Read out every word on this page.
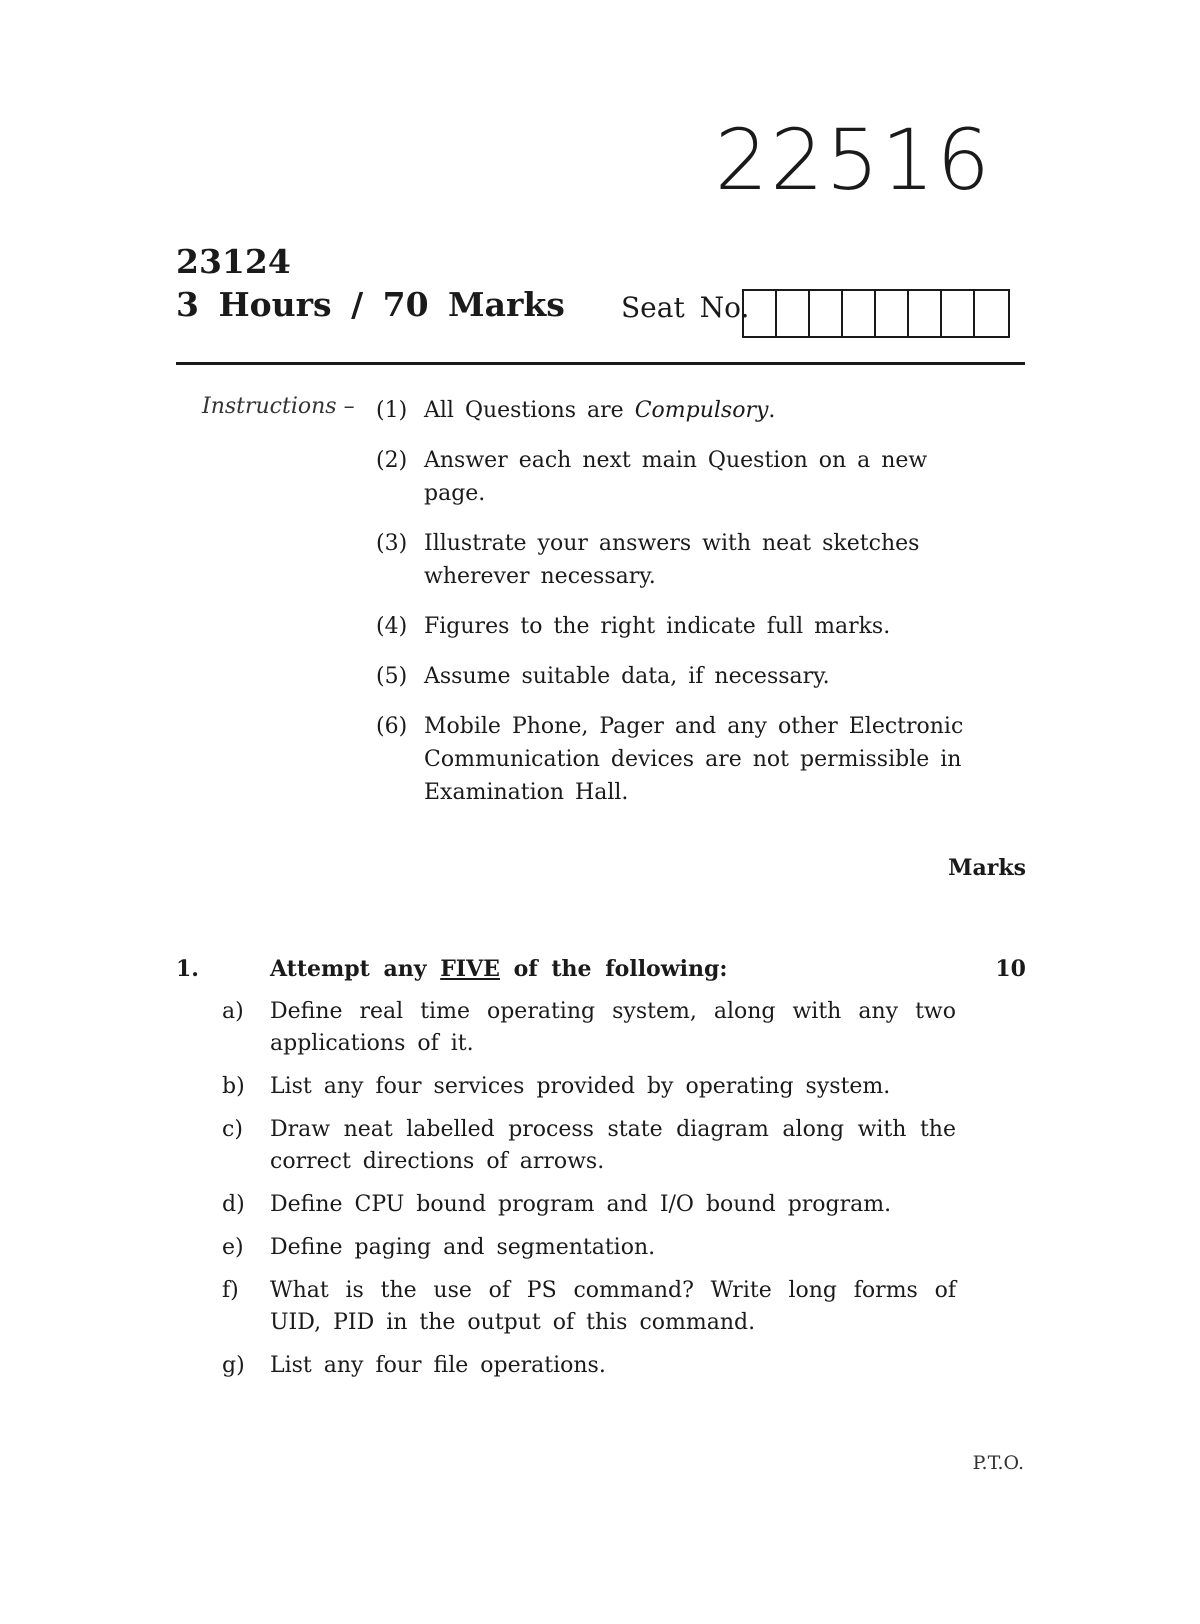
22516
23124
3 Hours / 70 Marks Seat No.
Instructions – (1) All Questions are Compulsory.
(2) Answer each next main Question on a new page.
(3) Illustrate your answers with neat sketches wherever necessary.
(4) Figures to the right indicate full marks.
(5) Assume suitable data, if necessary.
(6) Mobile Phone, Pager and any other Electronic Communication devices are not permissible in Examination Hall.
Marks
1.	Attempt any FIVE of the following:	10
a)	Define real time operating system, along with any two applications of it.
b)	List any four services provided by operating system.
c)	Draw neat labelled process state diagram along with the correct directions of arrows.
d)	Define CPU bound program and I/O bound program.
e)	Define paging and segmentation.
f)	What is the use of PS command? Write long forms of UID, PID in the output of this command.
g)	List any four file operations.
P.T.O.
